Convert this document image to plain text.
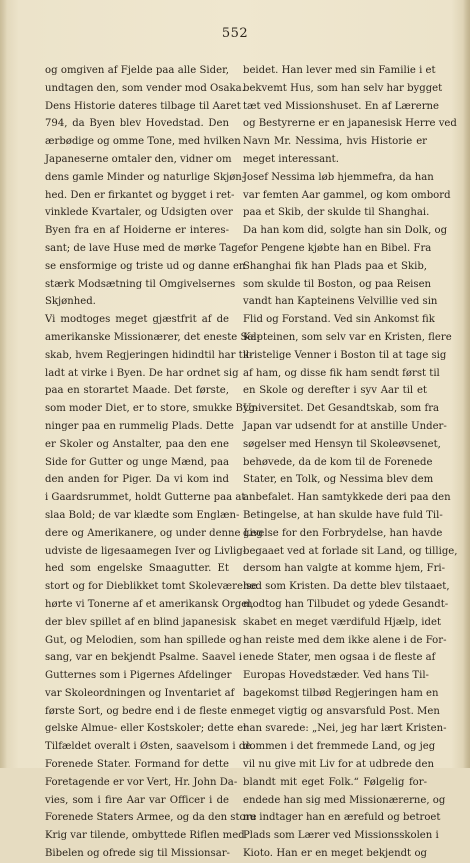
552
og omgiven af Fjelde paa alle Sider,
undtagen den, som vender mod Osaka.
Dens Historie dateres tilbage til Aaret
794, da Byen blev Hovedstad. Den
ærbødige og omme Tone, med hvilken
Japaneserne omtaler den, vidner om
dens gamle Minder og naturlige Skjøn-
hed. Den er firkantet og bygget i ret-
vinklede Kvartaler, og Udsigten over
Byen fra en af Hoiderne er interes-
sant; de lave Huse med de mørke Tage
se ensformige og triste ud og danne en
stærk Modsætning til Omgivelsernes
Skjønhed.
Vi modtoges meget gjæstfrit af de
amerikanske Missionærer, det eneste Sel-
skab, hvem Regjeringen hidindtil har til-
ladt at virke i Byen. De har ordnet sig
paa en storartet Maade. Det første,
som moder Diet, er to store, smukke Byg-
ninger paa en rummelig Plads. Dette
er Skoler og Anstalter, paa den ene
Side for Gutter og unge Mænd, paa
den anden for Piger. Da vi kom ind
i Gaardsrummet, holdt Gutterne paa at
slaa Bold; de var klædte som Englæn-
dere og Amerikanere, og under denne Leg
udviste de ligesaamegen Iver og Livlig-
hed som engelske Smaagutter. Et
stort og for Dieblikket tomt Skoleværelse
hørte vi Tonerne af et amerikansk Orgel,
der blev spillet af en blind japanesisk
Gut, og Melodien, som han spillede og
sang, var en bekjendt Psalme. Saavel i
Gutternes som i Pigernes Afdelinger
var Skoleordningen og Inventariet af
første Sort, og bedre end i de fleste en-
gelske Almue- eller Kostskoler; dette er
Tilfældet overalt i Østen, saavelsom i de
Forenede Stater. Formand for dette
Foretagende er vor Vert, Hr. John Da-
vies, som i fire Aar var Officer i de
Forenede Staters Armee, og da den store
Krig var tilende, ombyttede Riflen med
Bibelen og ofrede sig til Missionsar-
beidet. Han lever med sin Familie i et
bekvemt Hus, som han selv har bygget
tæt ved Missionshuset. En af Lærerne
og Bestyrerne er en japanesisk Herre ved
Navn Mr. Nessima, hvis Historie er
meget interessant.
Josef Nessima løb hjemmefra, da han
var femten Aar gammel, og kom ombord
paa et Skib, der skulde til Shanghai.
Da han kom did, solgte han sin Dolk, og
for Pengene kjøbte han en Bibel. Fra
Shanghai fik han Plads paa et Skib,
som skulde til Boston, og paa Reisen
vandt han Kapteinens Velvillie ved sin
Flid og Forstand. Ved sin Ankomst fik
Kapteinen, som selv var en Kristen, flere
kristelige Venner i Boston til at tage sig
af ham, og disse fik ham sendt først til
en Skole og derefter i syv Aar til et
Universitet. Det Gesandtskab, som fra
Japan var udsendt for at anstille Under-
søgelser med Hensyn til Skoleøvsenet,
behøvede, da de kom til de Forenede
Stater, en Tolk, og Nessima blev dem
anbefalet. Han samtykkede deri paa den
Betingelse, at han skulde have fuld Til-
givelse for den Forbrydelse, han havde
begaaet ved at forlade sit Land, og tillige,
dersom han valgte at komme hjem, Fri-
hed som Kristen. Da dette blev tilstaaet,
modtog han Tilbudet og ydede Gesandt-
skabet en meget værdifuld Hjælp, idet
han reiste med dem ikke alene i de For-
enede Stater, men ogsaa i de fleste af
Europas Hovedstæder. Ved hans Til-
bagekomst tilbød Regjeringen ham en
meget vigtig og ansvarsfuld Post. Men
han svarede: „Nei, jeg har lært Kristen-
dommen i det fremmede Land, og jeg
vil nu give mit Liv for at udbrede den
blandt mit eget Folk.“ Følgelig for-
endede han sig med Missionærerne, og
nu indtager han en ærefuld og betroet
Plads som Lærer ved Missionsskolen i
Kioto. Han er en meget bekjendt og
